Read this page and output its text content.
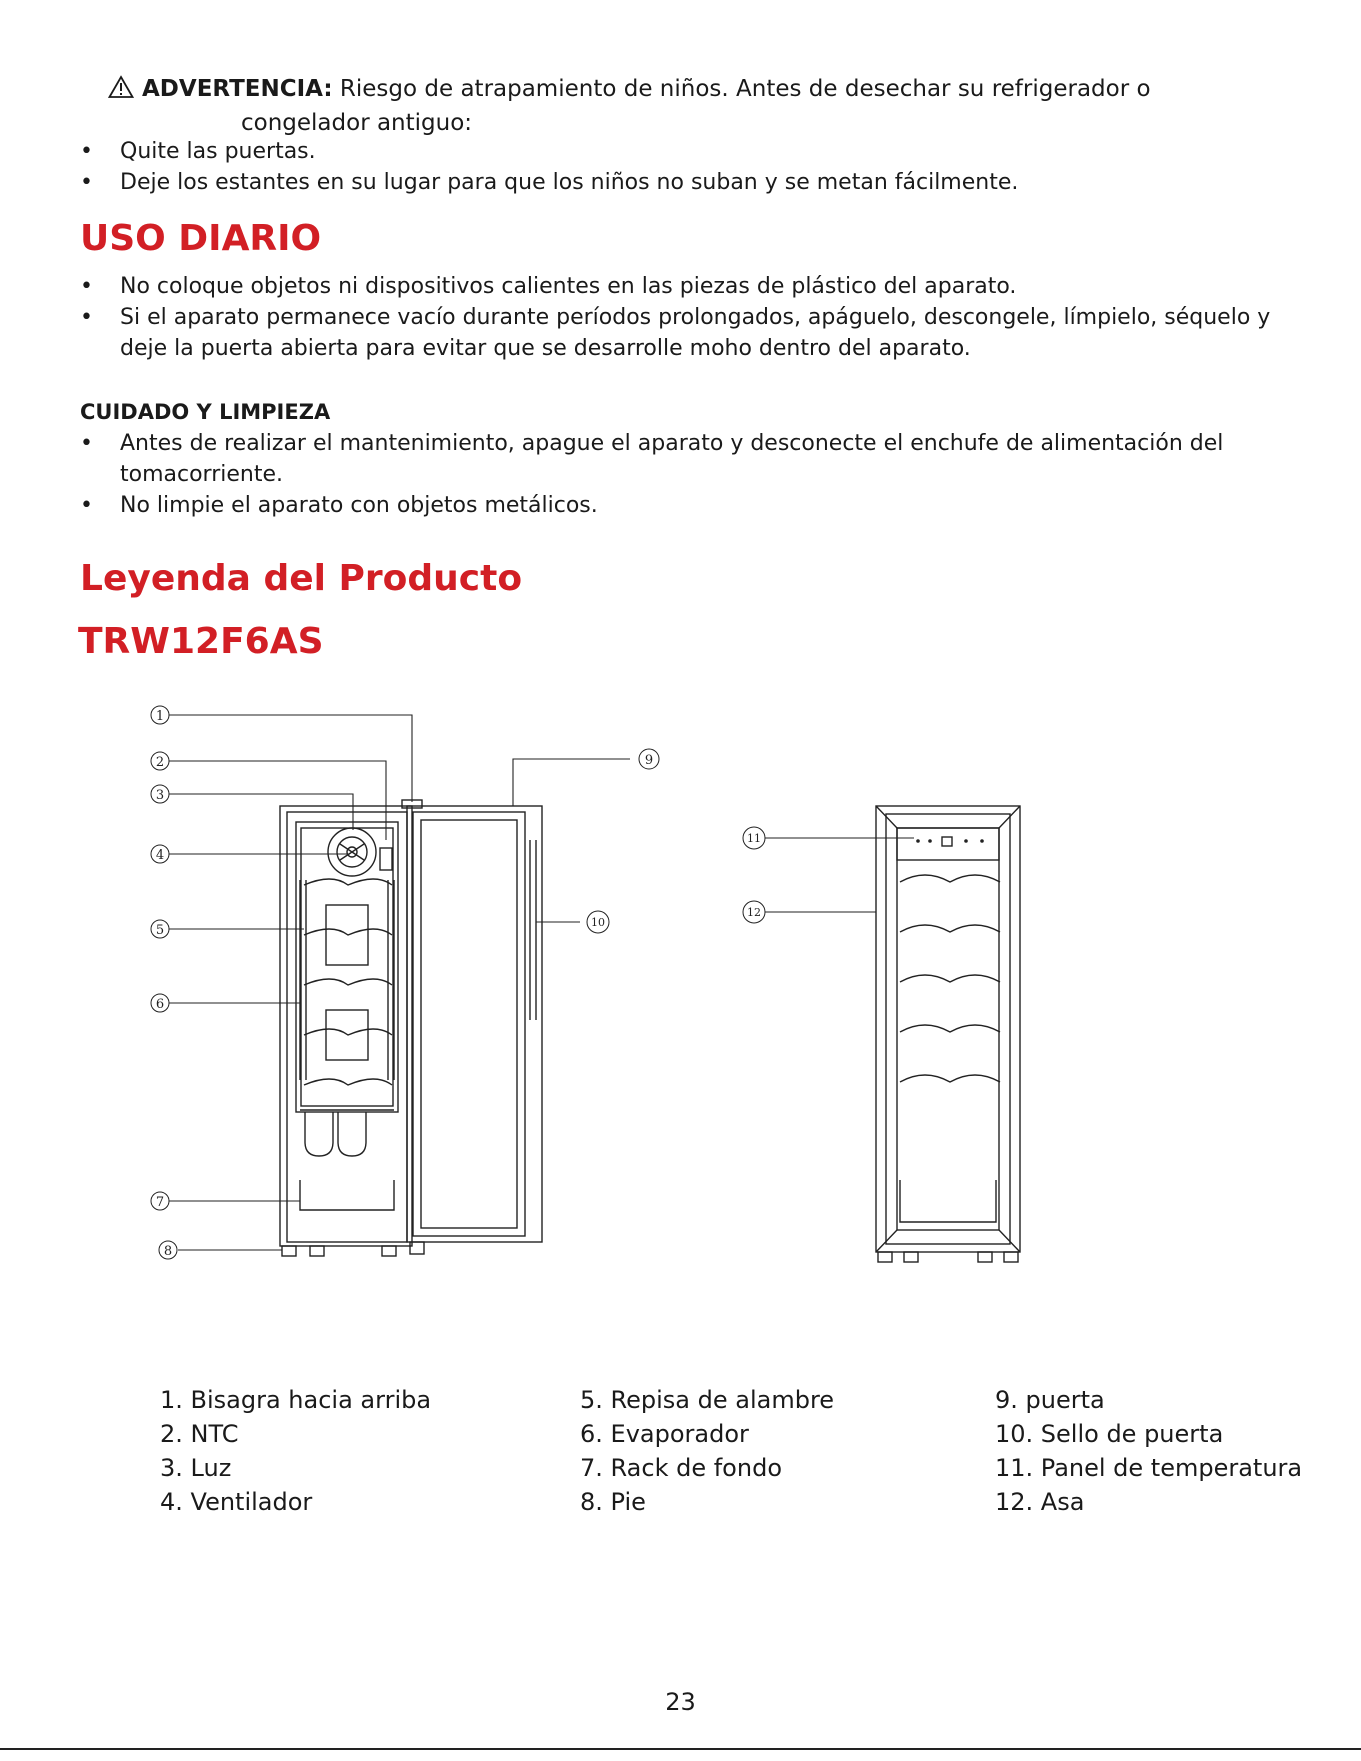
ADVERTENCIA: Riesgo de atrapamiento de niños. Antes de desechar su refrigerador o
congelador antiguo:
• Quite las puertas.
• Deje los estantes en su lugar para que los niños no suban y se metan fácilmente.
USO DIARIO
• No coloque objetos ni dispositivos calientes en las piezas de plástico del aparato.
• Si el aparato permanece vacío durante períodos prolongados, apáguelo, descongele, límpielo, séquelo y deje la puerta abierta para evitar que se desarrolle moho dentro del aparato.

CUIDADO Y LIMPIEZA

• Antes de realizar el mantenimiento, apague el aparato y desconecte el enchufe de alimentación del tomacorriente.
• No limpie el aparato con objetos metálicos.
Leyenda del Producto
TRW12F6AS
1
2
3
4
5
6
7
8
9
10
11
12
1. Bisagra hacia arriba
2. NTC
3. Luz
4. Ventilador
5. Repisa de alambre
6. Evaporador
7. Rack de fondo
8. Pie
9. puerta
10. Sello de puerta
11. Panel de temperatura
12. Asa
23
